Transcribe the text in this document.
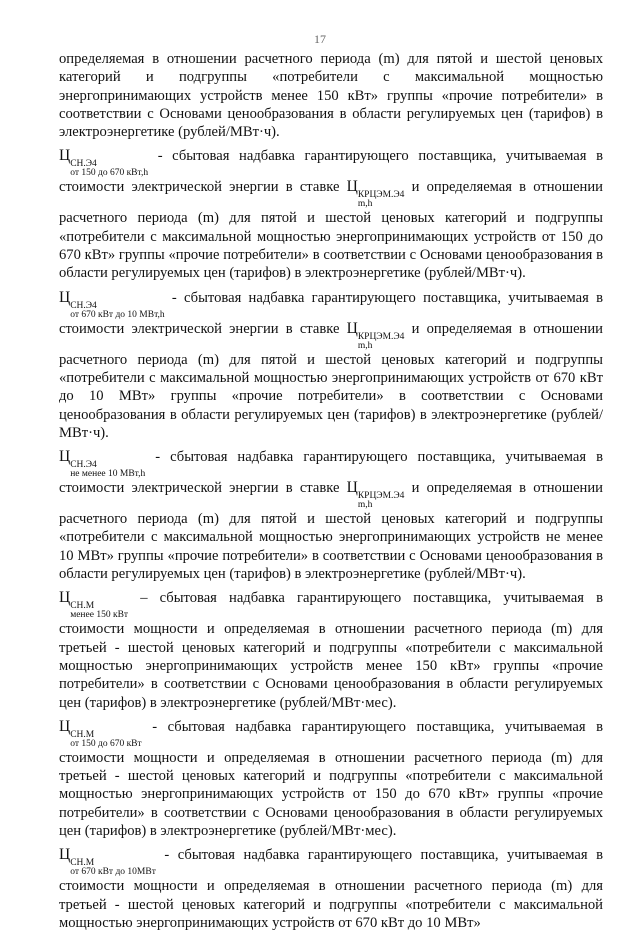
17

определяемая в отношении расчетного периода (m) для пятой и шестой ценовых категорий и подгруппы «потребители с максимальной мощностью энергопринимающих устройств менее 150 кВт» группы «прочие потребители» в соответствии с Основами ценообразования в области регулируемых цен (тарифов) в электроэнергетике (рублей/МВт·ч).

Ц СН.Э4
от 150 до 670 кВт,h
- сбытовая надбавка гарантирующего поставщика, учитываемая в стоимости электрической энергии в ставке Ц КРЦЭМ.Э4
m,h
и определяемая в отношении расчетного периода (m) для пятой и шестой ценовых категорий и подгруппы «потребители с максимальной мощностью энергопринимающих устройств от 150 до 670 кВт» группы «прочие потребители» в соответствии с Основами ценообразования в области регулируемых цен (тарифов) в электроэнергетике (рублей/МВт·ч).

Ц СН.Э4
от 670 кВт до 10 МВт,h
- сбытовая надбавка гарантирующего поставщика, учитываемая в стоимости электрической энергии в ставке Ц КРЦЭМ.Э4
m,h
и определяемая в отношении расчетного периода (m) для пятой и шестой ценовых категорий и подгруппы «потребители с максимальной мощностью энергопринимающих устройств от 670 кВт до 10 МВт» группы «прочие потребители» в соответствии с Основами ценообразования в области регулируемых цен (тарифов) в электроэнергетике (рублей/МВт·ч).

Ц СН.Э4
не менее 10 МВт,h
- сбытовая надбавка гарантирующего поставщика, учитываемая в стоимости электрической энергии в ставке Ц КРЦЭМ.Э4
m,h
и определяемая в отношении расчетного периода (m) для пятой и шестой ценовых категорий и подгруппы «потребители с максимальной мощностью энергопринимающих устройств не менее 10 МВт» группы «прочие потребители» в соответствии с Основами ценообразования в области регулируемых цен (тарифов) в электроэнергетике (рублей/МВт·ч).

Ц СН.М
менее 150 кВт
– сбытовая надбавка гарантирующего поставщика, учитываемая в стоимости мощности и определяемая в отношении расчетного периода (m) для третьей - шестой ценовых категорий и подгруппы «потребители с максимальной мощностью энергопринимающих устройств менее 150 кВт» группы «прочие потребители» в соответствии с Основами ценообразования в области регулируемых цен (тарифов) в электроэнергетике (рублей/МВт·мес).

Ц СН.М
от 150 до 670 кВт
- сбытовая надбавка гарантирующего поставщика, учитываемая в стоимости мощности и определяемая в отношении расчетного периода (m) для третьей - шестой ценовых категорий и подгруппы «потребители с максимальной мощностью энергопринимающих устройств от 150 до 670 кВт» группы «прочие потребители» в соответствии с Основами ценообразования в области регулируемых цен (тарифов) в электроэнергетике (рублей/МВт·мес).

Ц СН.М
от 670 кВт до 10МВт
- сбытовая надбавка гарантирующего поставщика, учитываемая в стоимости мощности и определяемая в отношении расчетного периода (m) для третьей - шестой ценовых категорий и подгруппы «потребители с максимальной мощностью энергопринимающих устройств от 670 кВт до 10 МВт»
